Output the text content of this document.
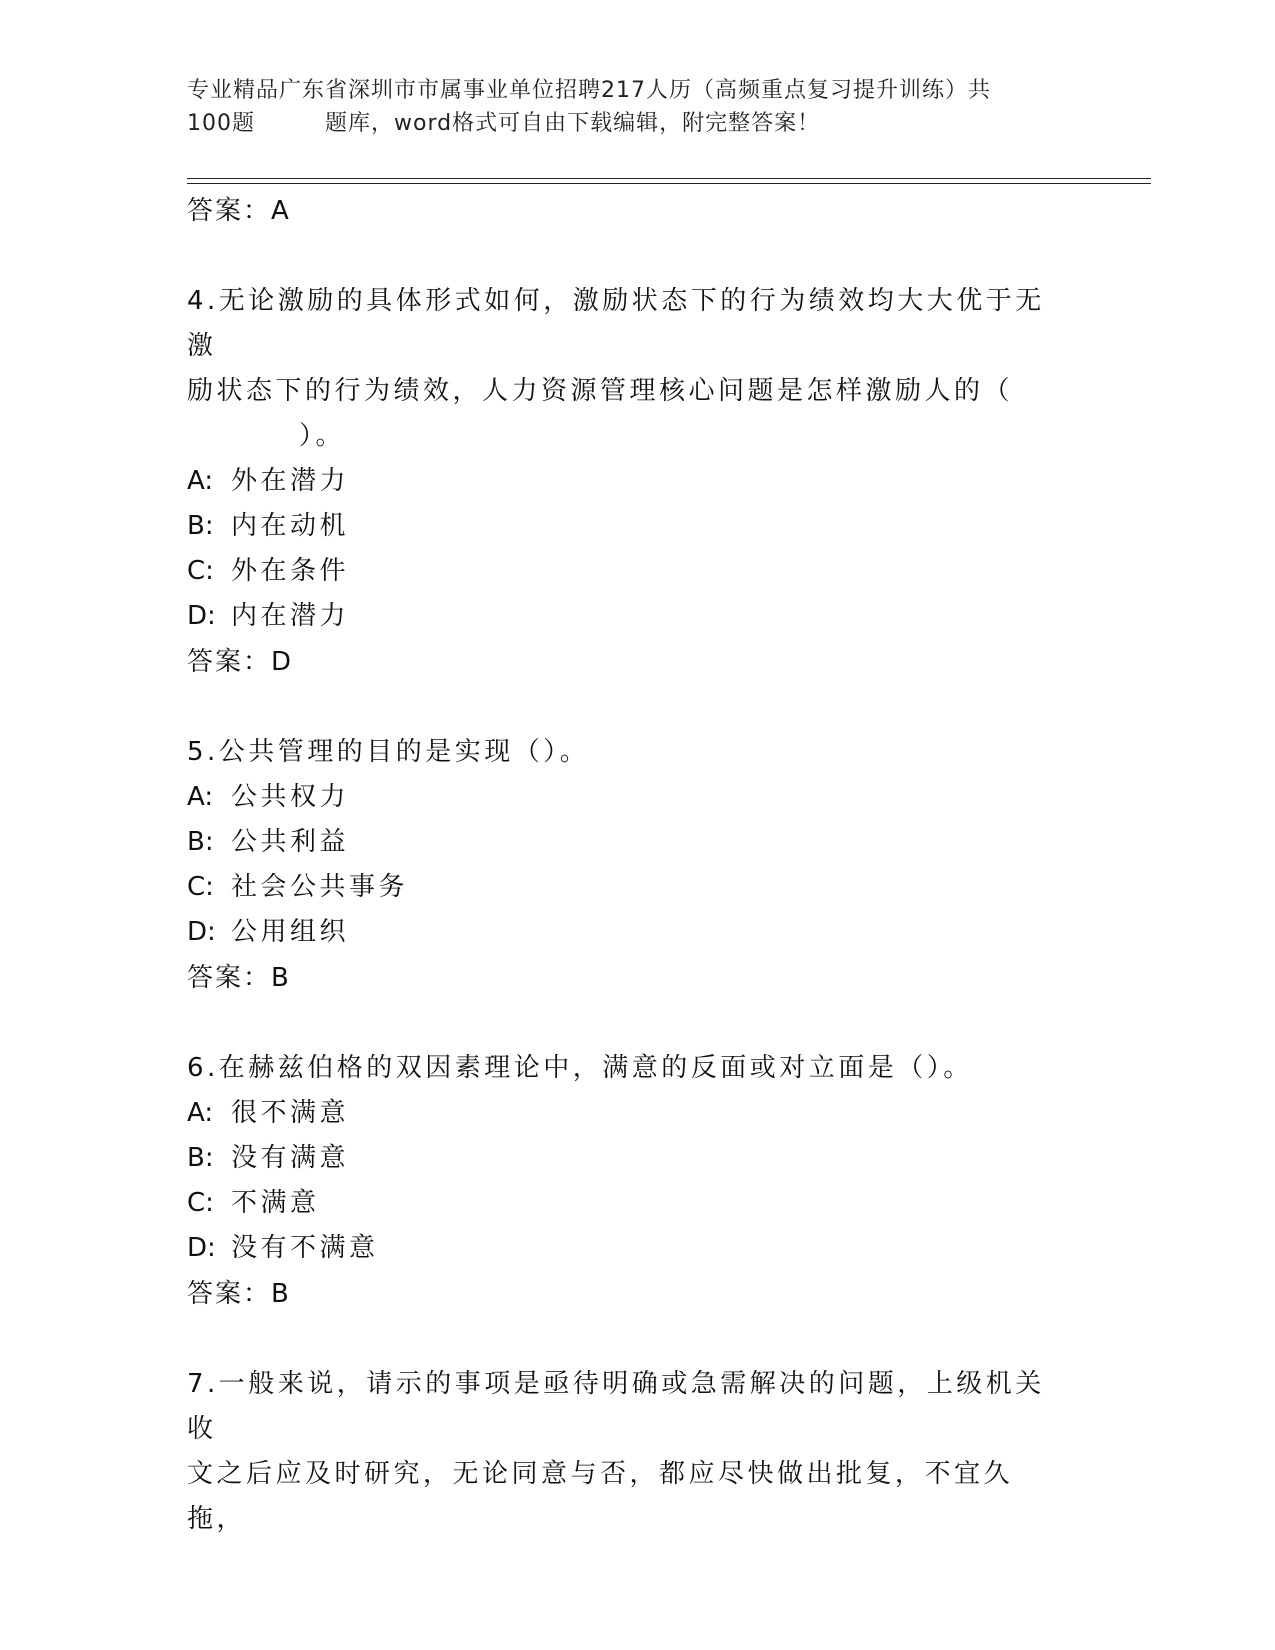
专业精品广东省深圳市市属事业单位招聘217人历（高频重点复习提升训练）共
100题	题库，word格式可自由下载编辑，附完整答案！
答案：A
4.无论激励的具体形式如何，激励状态下的行为绩效均大大优于无激
励状态下的行为绩效，人力资源管理核心问题是怎样激励人的（
）。
A: 外在潜力
B: 内在动机
C: 外在条件
D: 内在潜力
答案：D
5.公共管理的目的是实现（）。
A: 公共权力
B: 公共利益
C: 社会公共事务
D: 公用组织
答案：B
6.在赫兹伯格的双因素理论中，满意的反面或对立面是（）。
A: 很不满意
B: 没有满意
C: 不满意
D: 没有不满意
答案：B
7.一般来说，请示的事项是亟待明确或急需解决的问题，上级机关收
文之后应及时研究，无论同意与否，都应尽快做出批复，不宜久拖，
